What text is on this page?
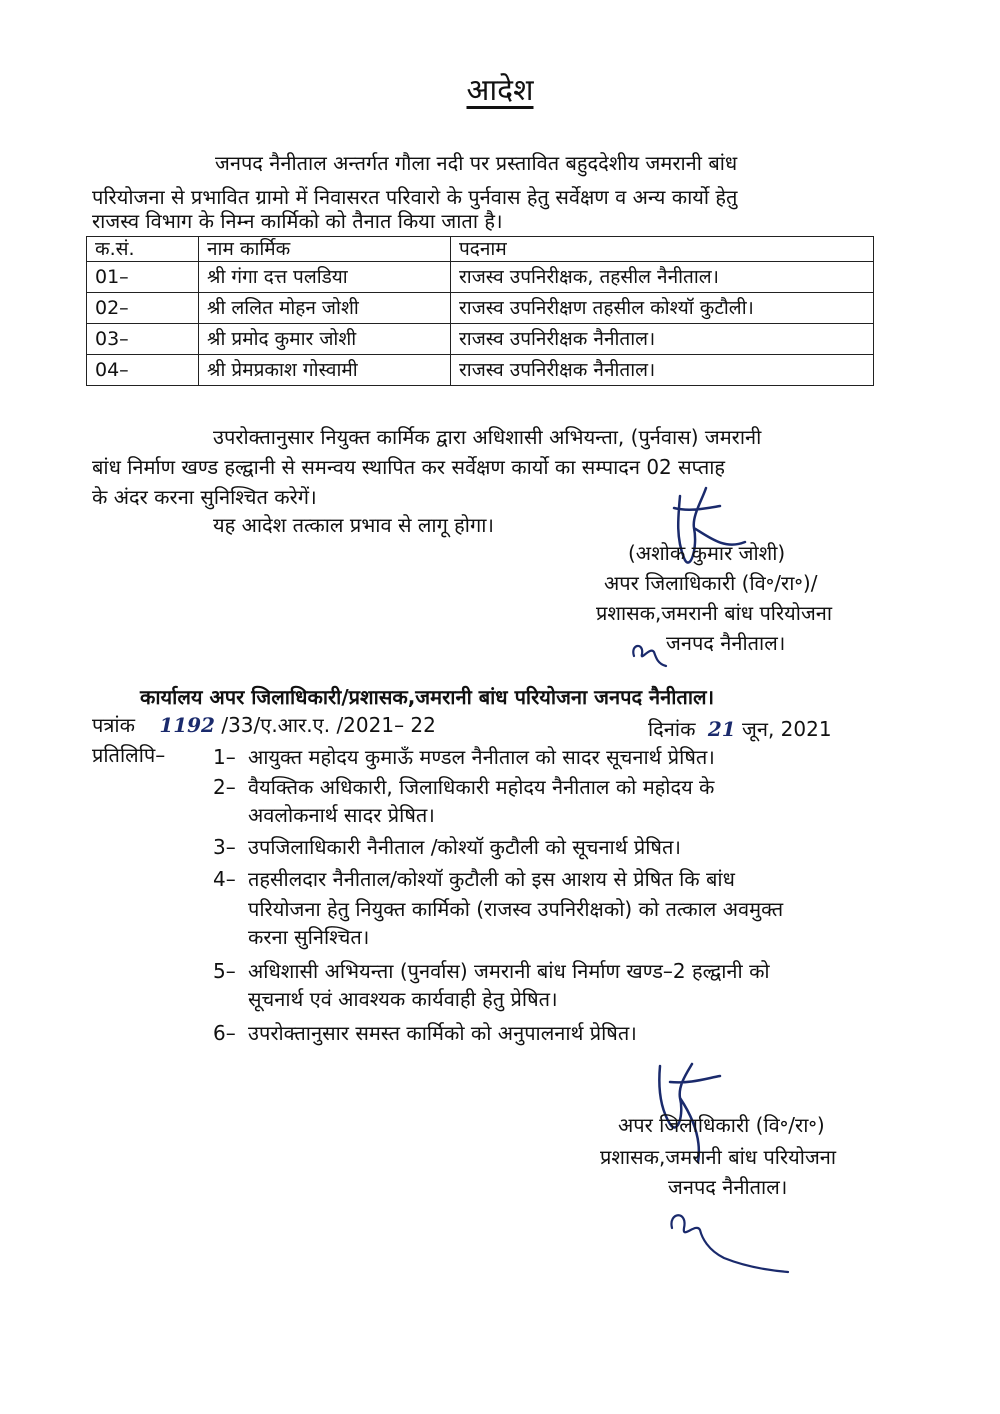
आदेश
जनपद नैनीताल अन्तर्गत गौला नदी पर प्रस्तावित बहुददेशीय जमरानी बांध
परियोजना से प्रभावित ग्रामो में निवासरत परिवारो के पुर्नवास हेतु सर्वेक्षण व अन्य कार्यो हेतु
राजस्व विभाग के निम्न कार्मिको को तैनात किया जाता है।
क.सं.	नाम कार्मिक	पदनाम
01–	श्री गंगा दत्त पलडिया	राजस्व उपनिरीक्षक, तहसील नैनीताल।
02–	श्री ललित मोहन जोशी	राजस्व उपनिरीक्षण तहसील कोश्यॉ कुटौली।
03–	श्री प्रमोद कुमार जोशी	राजस्व उपनिरीक्षक नैनीताल।
04–	श्री प्रेमप्रकाश गोस्वामी	राजस्व उपनिरीक्षक नैनीताल।
उपरोक्तानुसार नियुक्त कार्मिक द्वारा अधिशासी अभियन्ता, (पुर्नवास) जमरानी
बांध निर्माण खण्ड हल्द्वानी से समन्वय स्थापित कर सर्वेक्षण कार्यो का सम्पादन 02 सप्ताह
के अंदर करना सुनिश्चित करेगें।
यह आदेश तत्काल प्रभाव से लागू होगा।
(अशोक कुमार जोशी)
अपर जिलाधिकारी (वि॰/रा॰)/
प्रशासक,जमरानी बांध परियोजना
जनपद नैनीताल।
कार्यालय अपर जिलाधिकारी/प्रशासक,जमरानी बांध परियोजना जनपद नैनीताल।
पत्रांक 1192 /33/ए.आर.ए. /2021– 22	दिनांक 21 जून, 2021
प्रतिलिपि– 1– आयुक्त महोदय कुमाऊँ मण्डल नैनीताल को सादर सूचनार्थ प्रेषित।
2– वैयक्तिक अधिकारी, जिलाधिकारी महोदय नैनीताल को महोदय के
अवलोकनार्थ सादर प्रेषित।
3– उपजिलाधिकारी नैनीताल /कोश्यॉ कुटौली को सूचनार्थ प्रेषित।
4– तहसीलदार नैनीताल/कोश्यॉ कुटौली को इस आशय से प्रेषित कि बांध
परियोजना हेतु नियुक्त कार्मिको (राजस्व उपनिरीक्षको) को तत्काल अवमुक्त
करना सुनिश्चित।
5– अधिशासी अभियन्ता (पुनर्वास) जमरानी बांध निर्माण खण्ड–2 हल्द्वानी को
सूचनार्थ एवं आवश्यक कार्यवाही हेतु प्रेषित।
6– उपरोक्तानुसार समस्त कार्मिको को अनुपालनार्थ प्रेषित।
अपर जिलाधिकारी (वि॰/रा॰)
प्रशासक,जमरानी बांध परियोजना
जनपद नैनीताल।
